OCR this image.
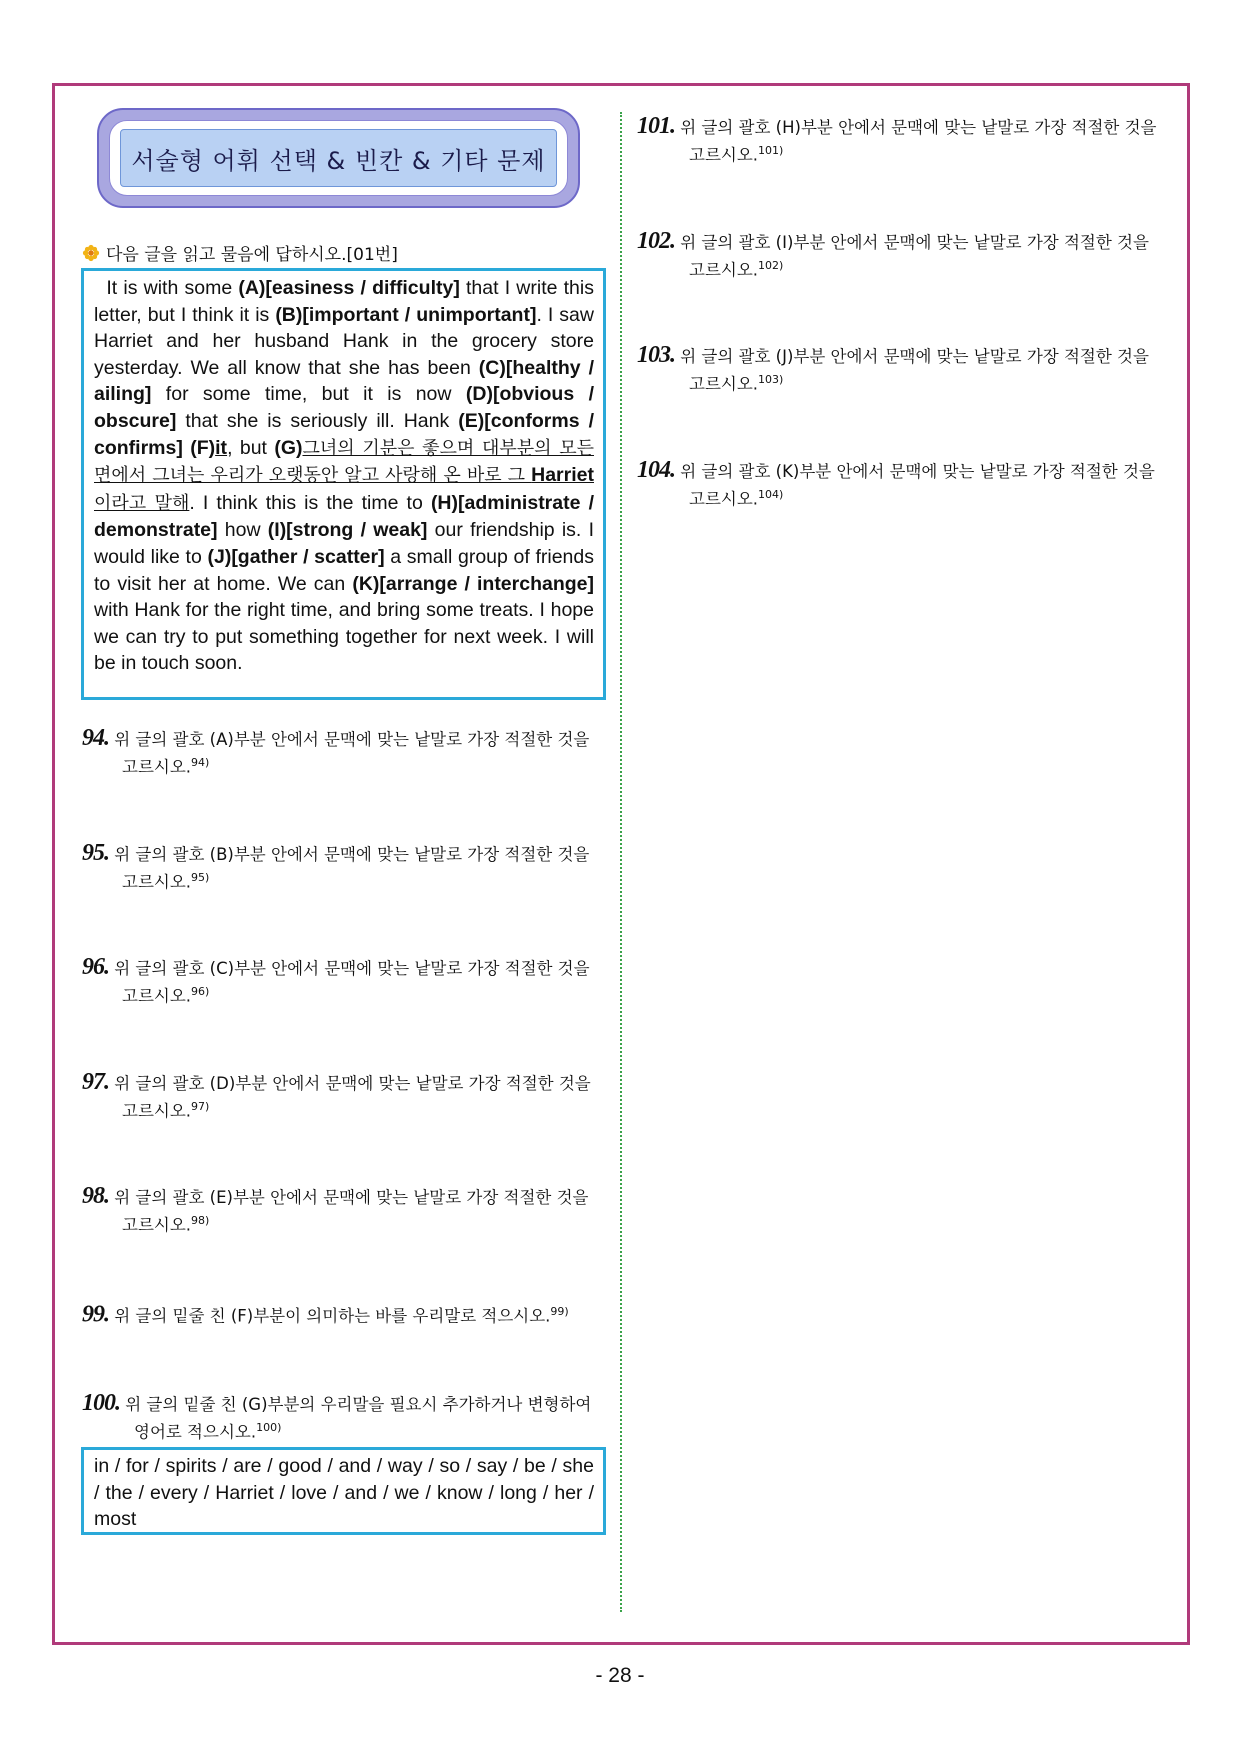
서술형 어휘 선택 & 빈칸 & 기타 문제
다음 글을 읽고 물음에 답하시오.[01번]
It is with some (A)[easiness / difficulty] that I write this letter, but I think it is (B)[important / unimportant]. I saw Harriet and her husband Hank in the grocery store yesterday. We all know that she has been (C)[healthy / ailing] for some time, but it is now (D)[obvious / obscure] that she is seriously ill. Hank (E)[conforms / confirms] (F)it, but (G)그녀의 기분은 좋으며 대부분의 모든 면에서 그녀는 우리가 오랫동안 알고 사랑해 온 바로 그 Harriet이라고 말해. I think this is the time to (H)[administrate / demonstrate] how (I)[strong / weak] our friendship is. I would like to (J)[gather / scatter] a small group of friends to visit her at home. We can (K)[arrange / interchange] with Hank for the right time, and bring some treats. I hope we can try to put something together for next week. I will be in touch soon.
94. 위 글의 괄호 (A)부분 안에서 문맥에 맞는 낱말로 가장 적절한 것을
고르시오.$^{94)}$
95. 위 글의 괄호 (B)부분 안에서 문맥에 맞는 낱말로 가장 적절한 것을
고르시오.$^{95)}$
96. 위 글의 괄호 (C)부분 안에서 문맥에 맞는 낱말로 가장 적절한 것을
고르시오.$^{96)}$
97. 위 글의 괄호 (D)부분 안에서 문맥에 맞는 낱말로 가장 적절한 것을
고르시오.$^{97)}$
98. 위 글의 괄호 (E)부분 안에서 문맥에 맞는 낱말로 가장 적절한 것을
고르시오.$^{98)}$
99. 위 글의 밑줄 친 (F)부분이 의미하는 바를 우리말로 적으시오.$^{99)}$
100. 위 글의 밑줄 친 (G)부분의 우리말을 필요시 추가하거나 변형하여
영어로 적으시오.$^{100)}$
101. 위 글의 괄호 (H)부분 안에서 문맥에 맞는 낱말로 가장 적절한 것을
고르시오.$^{101)}$
102. 위 글의 괄호 (I)부분 안에서 문맥에 맞는 낱말로 가장 적절한 것을
고르시오.$^{102)}$
103. 위 글의 괄호 (J)부분 안에서 문맥에 맞는 낱말로 가장 적절한 것을
고르시오.$^{103)}$
104. 위 글의 괄호 (K)부분 안에서 문맥에 맞는 낱말로 가장 적절한 것을
고르시오.$^{104)}$
in / for / spirits / are / good / and / way / so / say / be / she / the / every / Harriet / love / and / we / know / long / her / most
- 28 -
